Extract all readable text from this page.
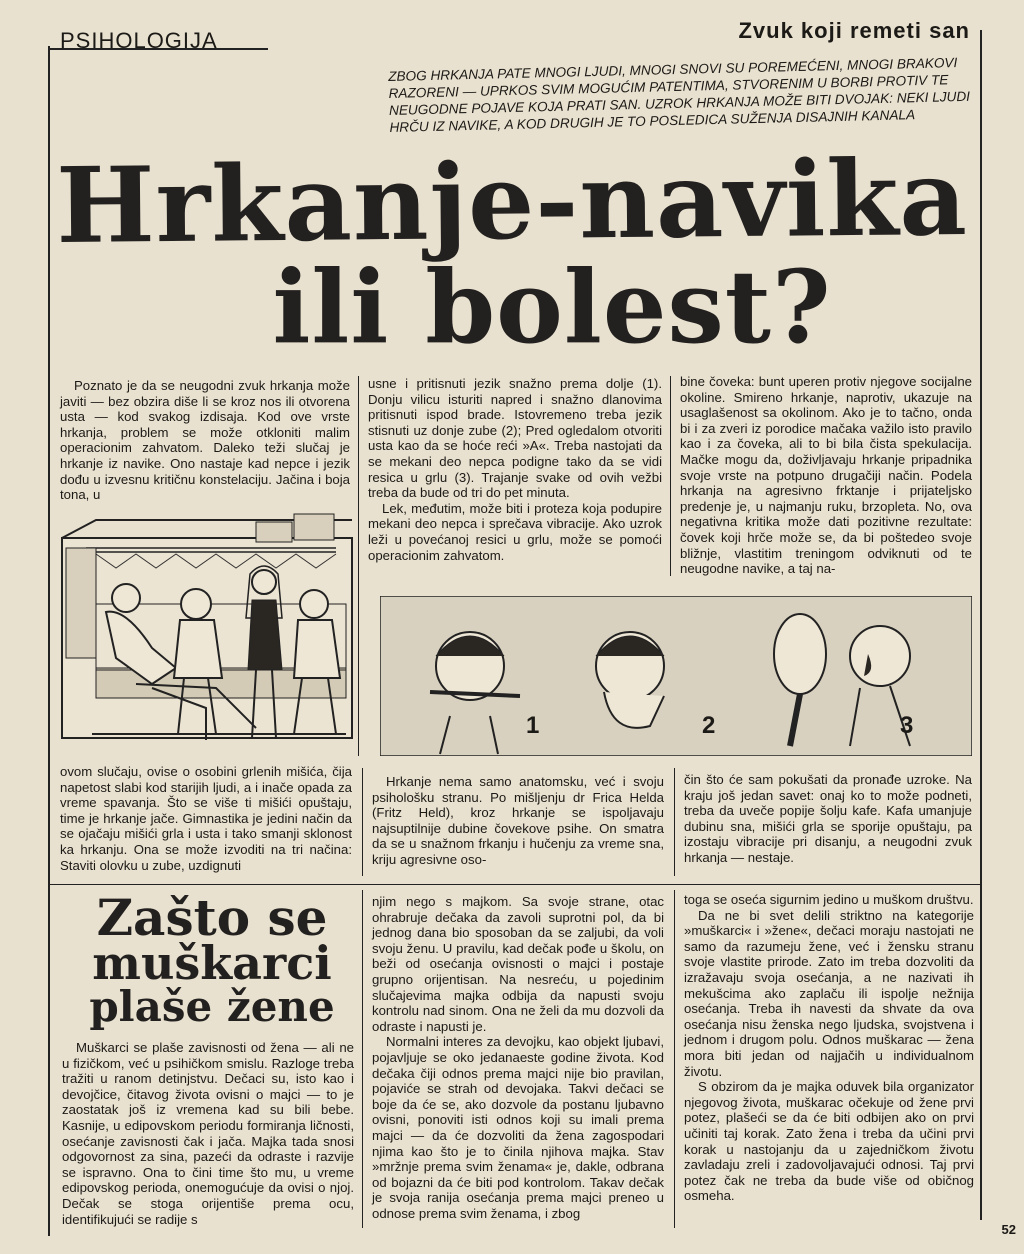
PSIHOLOGIJA	Zvuk koji remeti san
ZBOG HRKANJA PATE MNOGI LJUDI, MNOGI SNOVI SU POREMEĆENI, MNOGI BRAKOVI RAZORENI — UPRKOS SVIM MOGUĆIM PATENTIMA, STVORENIM U BORBI PROTIV TE NEUGODNE POJAVE KOJA PRATI SAN. UZROK HRKANJA MOŽE BITI DVOJAK: NEKI LJUDI HRČU IZ NAVIKE, A KOD DRUGIH JE TO POSLEDICA SUŽENJA DISAJNIH KANALA
Hrkanje-navika
ili bolest?

Poznato je da se neugodni zvuk hrkanja može javiti — bez obzira diše li se kroz nos ili otvorena usta — kod svakog izdisaja. Kod ove vrste hrkanja, problem se može otkloniti malim operacionim zahvatom. Daleko teži slučaj je hrkanje iz navike. Ono nastaje kad nepce i jezik dođu u izvesnu kritičnu konstelaciju. Jačina i boja tona, u

usne i pritisnuti jezik snažno prema dolje (1). Donju vilicu isturiti napred i snažno dlanovima pritisnuti ispod brade. Istovremeno treba jezik stisnuti uz donje zube (2); Pred ogledalom otvoriti usta kao da se hoće reći »A«. Treba nastojati da se mekani deo nepca podigne tako da se vidi resica u grlu (3). Trajanje svake od ovih vežbi treba da bude od tri do pet minuta.

Lek, međutim, može biti i proteza koja podupire mekani deo nepca i sprečava vibracije. Ako uzrok leži u povećanoj resici u grlu, može se pomoći operacionim zahvatom.

bine čoveka: bunt uperen protiv njegove socijalne okoline. Smireno hrkanje, naprotiv, ukazuje na usaglašenost sa okolinom. Ako je to tačno, onda bi i za zveri iz porodice mačaka važilo isto pravilo kao i za čoveka, ali to bi bila čista spekulacija. Mačke mogu da, doživljavaju hrkanje pripadnika svoje vrste na potpuno drugačiji način. Podela hrkanja na agresivno frktanje i prijateljsko predenje je, u najmanju ruku, brzopleta. No, ova negativna kritika može dati pozitivne rezultate: čovek koji hrče može se, da bi poštedeo svoje bližnje, vlastitim treningom odviknuti od te neugodne navike, a taj na-

1	2	3

ovom slučaju, ovise o osobini grlenih mišića, čija napetost slabi kod starijih ljudi, a i inače opada za vreme spavanja. Što se više ti mišići opuštaju, time je hrkanje jače. Gimnastika je jedini način da se ojačaju mišići grla i usta i tako smanji sklonost ka hrkanju. Ona se može izvoditi na tri načina: Staviti olovku u zube, uzdignuti

Hrkanje nema samo anatomsku, već i svoju psihološku stranu. Po mišljenju dr Frica Helda (Fritz Held), kroz hrkanje se ispoljavaju najsuptilnije dubine čovekove psihe. On smatra da se u snažnom frkanju i hučenju za vreme sna, kriju agresivne oso-

čin što će sam pokušati da pronađe uzroke. Na kraju još jedan savet: onaj ko to može podneti, treba da uveče popije šolju kafe. Kafa umanjuje dubinu sna, mišići grla se sporije opuštaju, pa izostaju vibracije pri disanju, a neugodni zvuk hrkanja — nestaje.

Zašto se
muškarci
plaše žene

Muškarci se plaše zavisnosti od žena — ali ne u fizičkom, već u psihičkom smislu. Razloge treba tražiti u ranom detinjstvu. Dečaci su, isto kao i devojčice, čitavog života ovisni o majci — to je zaostatak još iz vremena kad su bili bebe. Kasnije, u edipovskom periodu formiranja ličnosti, osećanje zavisnosti čak i jača. Majka tada snosi odgovornost za sina, pazeći da odraste i razvije se ispravno. Ona to čini time što mu, u vreme edipovskog perioda, onemogućuje da ovisi o njoj. Dečak se stoga orijentiše prema ocu, identifikujući se radije s

njim nego s majkom. Sa svoje strane, otac ohrabruje dečaka da zavoli suprotni pol, da bi jednog dana bio sposoban da se zaljubi, da voli svoju ženu. U pravilu, kad dečak pođe u školu, on beži od osećanja ovisnosti o majci i postaje grupno orijentisan. Na nesreću, u pojedinim slučajevima majka odbija da napusti svoju kontrolu nad sinom. Ona ne želi da mu dozvoli da odraste i napusti je.

Normalni interes za devojku, kao objekt ljubavi, pojavljuje se oko jedanaeste godine života. Kod dečaka čiji odnos prema majci nije bio pravilan, pojaviće se strah od devojaka. Takvi dečaci se boje da će se, ako dozvole da postanu ljubavno ovisni, ponoviti isti odnos koji su imali prema majci — da će dozvoliti da žena zagospodari njima kao što je to činila njihova majka. Stav »mržnje prema svim ženama« je, dakle, odbrana od bojazni da će biti pod kontrolom. Takav dečak je svoja ranija osećanja prema majci preneo u odnose prema svim ženama, i zbog

toga se oseća sigurnim jedino u muškom društvu.

Da ne bi svet delili striktno na kategorije »muškarci« i »žene«, dečaci moraju nastojati ne samo da razumeju žene, već i žensku stranu svoje vlastite prirode. Zato im treba dozvoliti da izražavaju svoja osećanja, a ne nazivati ih mekušcima ako zaplaču ili ispolje nežnija osećanja. Treba ih navesti da shvate da ova osećanja nisu ženska nego ljudska, svojstvena i jednom i drugom polu. Odnos muškarac — žena mora biti jedan od najjačih u individualnom životu.

S obzirom da je majka oduvek bila organizator njegovog života, muškarac očekuje od žene prvi potez, plašeći se da će biti odbijen ako on prvi učiniti taj korak. Zato žena i treba da učini prvi korak u nastojanju da u zajedničkom životu zavladaju zreli i zadovoljavajući odnosi. Taj prvi potez čak ne treba da bude više od običnog osmeha.

52
